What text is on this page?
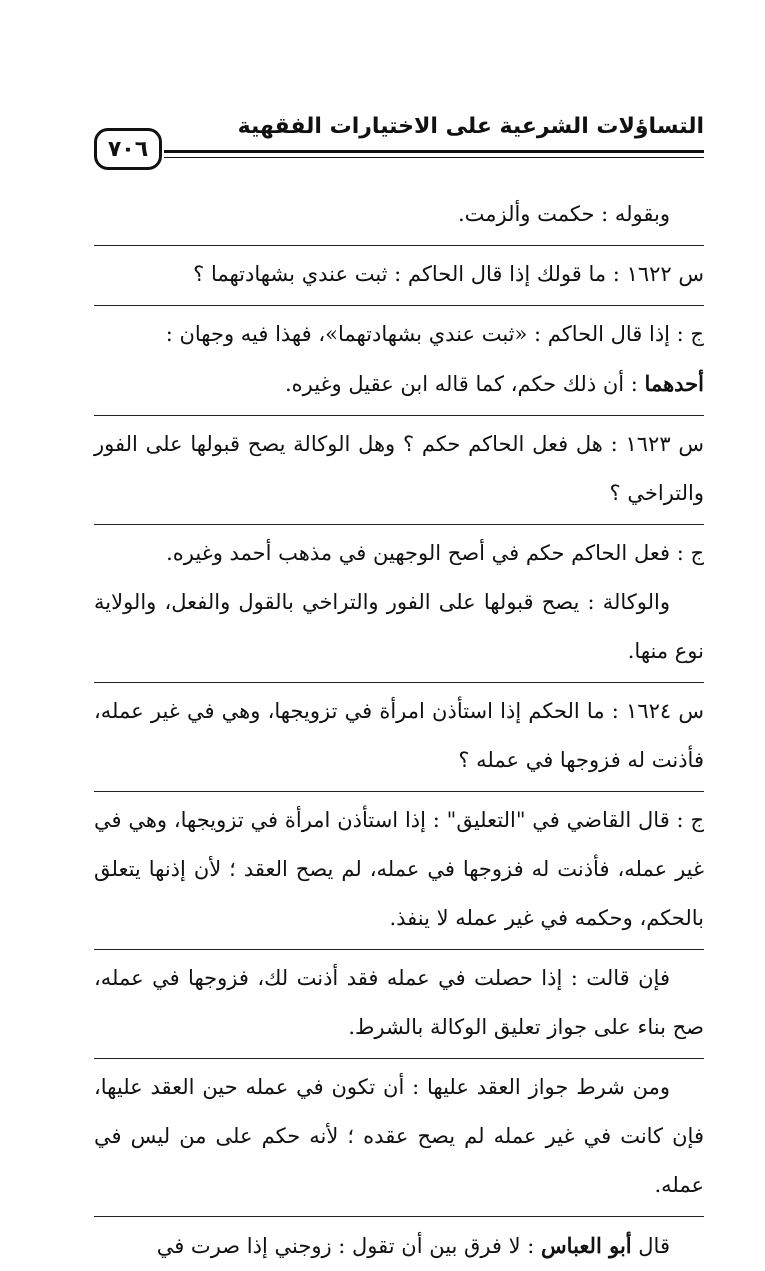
التساؤلات الشرعية على الاختيارات الفقهية
٧٠٦

وبقوله : حكمت وألزمت.

س ١٦٢٢ : ما قولك إذا قال الحاكم : ثبت عندي بشهادتهما ؟

ج : إذا قال الحاكم : «ثبت عندي بشهادتهما»، فهذا فيه وجهان :

أحدهما : أن ذلك حكم، كما قاله ابن عقيل وغيره.

س ١٦٢٣ : هل فعل الحاكم حكم ؟ وهل الوكالة يصح قبولها على الفور والتراخي ؟

ج : فعل الحاكم حكم في أصح الوجهين في مذهب أحمد وغيره.

والوكالة : يصح قبولها على الفور والتراخي بالقول والفعل، والولاية نوع منها.

س ١٦٢٤ : ما الحكم إذا استأذن امرأة في تزويجها، وهي في غير عمله، فأذنت له فزوجها في عمله ؟

ج : قال القاضي في "التعليق" : إذا استأذن امرأة في تزويجها، وهي في غير عمله، فأذنت له فزوجها في عمله، لم يصح العقد ؛ لأن إذنها يتعلق بالحكم، وحكمه في غير عمله لا ينفذ.

فإن قالت : إذا حصلت في عمله فقد أذنت لك، فزوجها في عمله، صح بناء على جواز تعليق الوكالة بالشرط.

ومن شرط جواز العقد عليها : أن تكون في عمله حين العقد عليها، فإن كانت في غير عمله لم يصح عقده ؛ لأنه حكم على من ليس في عمله.

قال أبو العباس : لا فرق بين أن تقول : زوجني إذا صرت في
